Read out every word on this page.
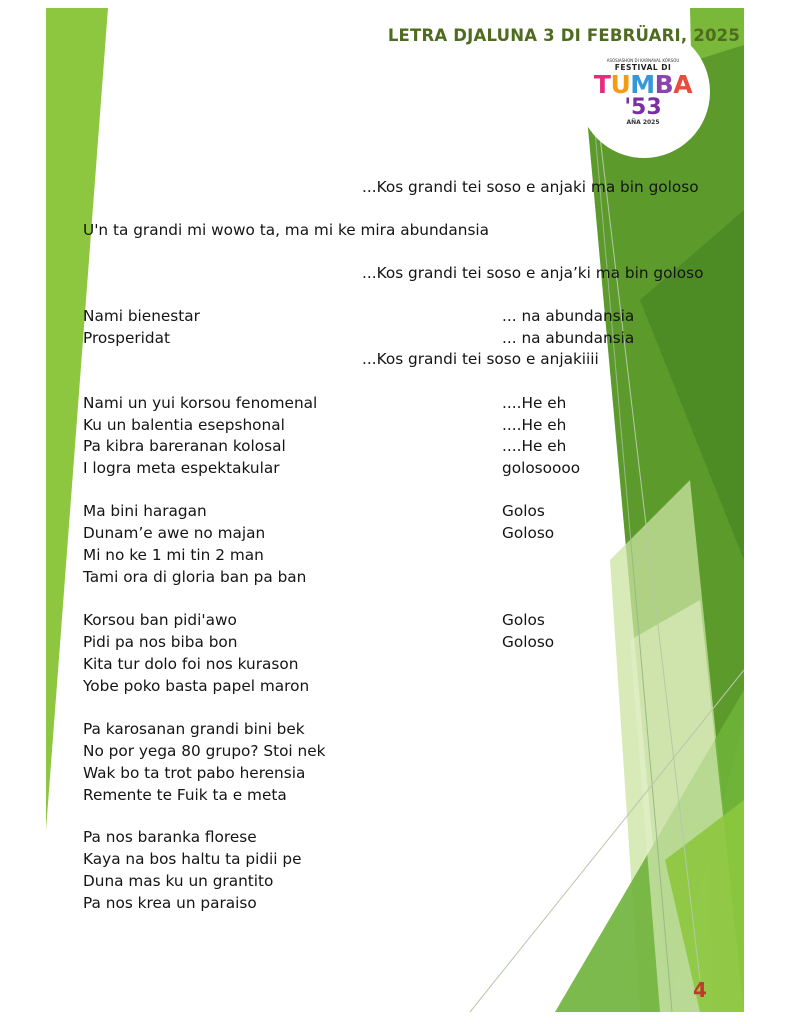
LETRA DJALUNA 3 DI FEBRÜARI, 2025
ASOSIASHON DI KARNAVAL KÒRSOU
FESTIVAL DI
TUMBA
'53
AÑA 2025
...Kos grandi tei soso e anjaki ma bin goloso
U'n ta grandi mi wowo ta, ma mi ke mira abundansia
...Kos grandi tei soso e anja’ki ma bin goloso
Nami bienestar	... na abundansia
Prosperidat	... na abundansia
...Kos grandi tei soso e anjakiiii
Nami un yui korsou fenomenal	....He eh
Ku un balentia esepshonal	....He eh
Pa kibra bareranan kolosal	....He eh
I logra meta espektakular	golosoooo
Ma bini haragan	Golos
Dunam’e awe no majan	Goloso
Mi no ke 1 mi tin 2 man
Tami ora di gloria ban pa ban
Korsou ban pidi'awo	Golos
Pidi pa nos biba bon	Goloso
Kita tur dolo foi nos kurason
Yobe poko basta papel maron
Pa karosanan grandi bini bek
No por yega 80 grupo? Stoi nek
Wak bo ta trot pabo herensia
Remente te Fuik ta e meta
Pa nos baranka florese
Kaya na bos haltu ta pidii pe
Duna mas ku un grantito
Pa nos krea un paraiso
4
